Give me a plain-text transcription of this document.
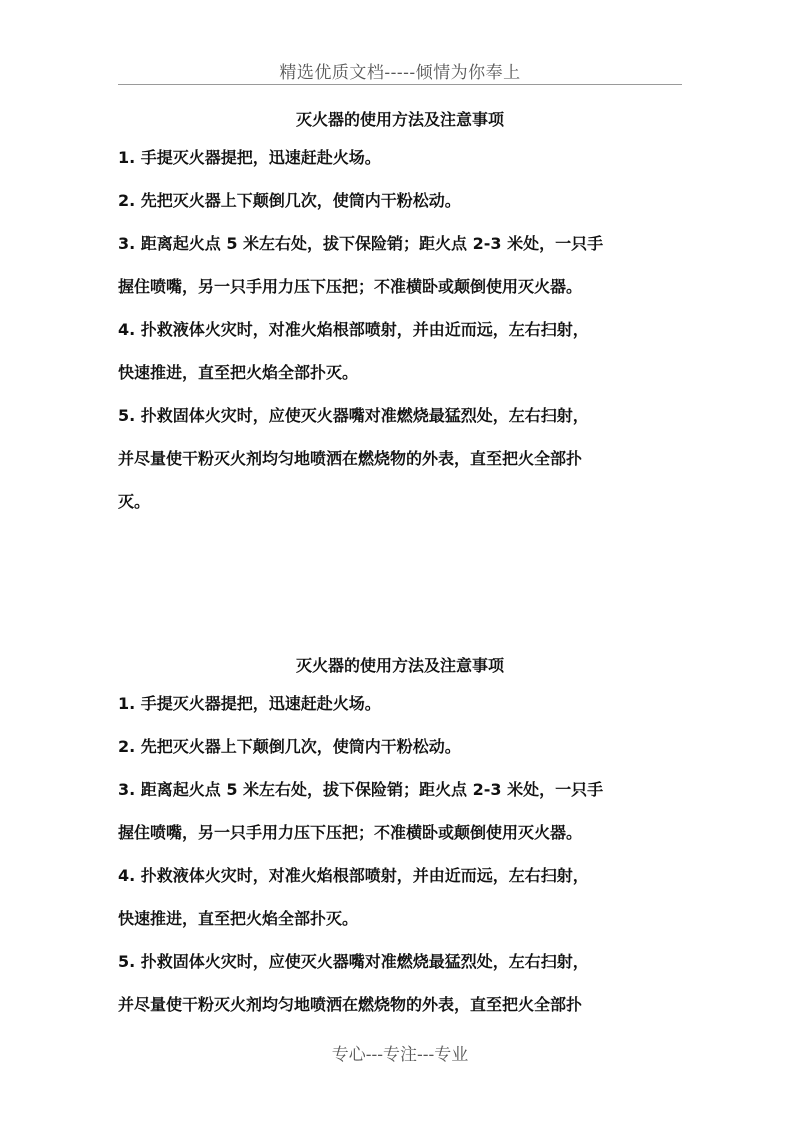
精选优质文档-----倾情为你奉上

灭火器的使用方法及注意事项

1. 手提灭火器提把，迅速赶赴火场。

2. 先把灭火器上下颠倒几次，使筒内干粉松动。

3. 距离起火点 5 米左右处，拔下保险销；距火点 2-3 米处，一只手

握住喷嘴，另一只手用力压下压把；不准横卧或颠倒使用灭火器。

4. 扑救液体火灾时，对准火焰根部喷射，并由近而远，左右扫射，

快速推进，直至把火焰全部扑灭。

5. 扑救固体火灾时，应使灭火器嘴对准燃烧最猛烈处，左右扫射，

并尽量使干粉灭火剂均匀地喷洒在燃烧物的外表，直至把火全部扑

灭。

灭火器的使用方法及注意事项

1. 手提灭火器提把，迅速赶赴火场。

2. 先把灭火器上下颠倒几次，使筒内干粉松动。

3. 距离起火点 5 米左右处，拔下保险销；距火点 2-3 米处，一只手

握住喷嘴，另一只手用力压下压把；不准横卧或颠倒使用灭火器。

4. 扑救液体火灾时，对准火焰根部喷射，并由近而远，左右扫射，

快速推进，直至把火焰全部扑灭。

5. 扑救固体火灾时，应使灭火器嘴对准燃烧最猛烈处，左右扫射，

并尽量使干粉灭火剂均匀地喷洒在燃烧物的外表，直至把火全部扑

专心---专注---专业
